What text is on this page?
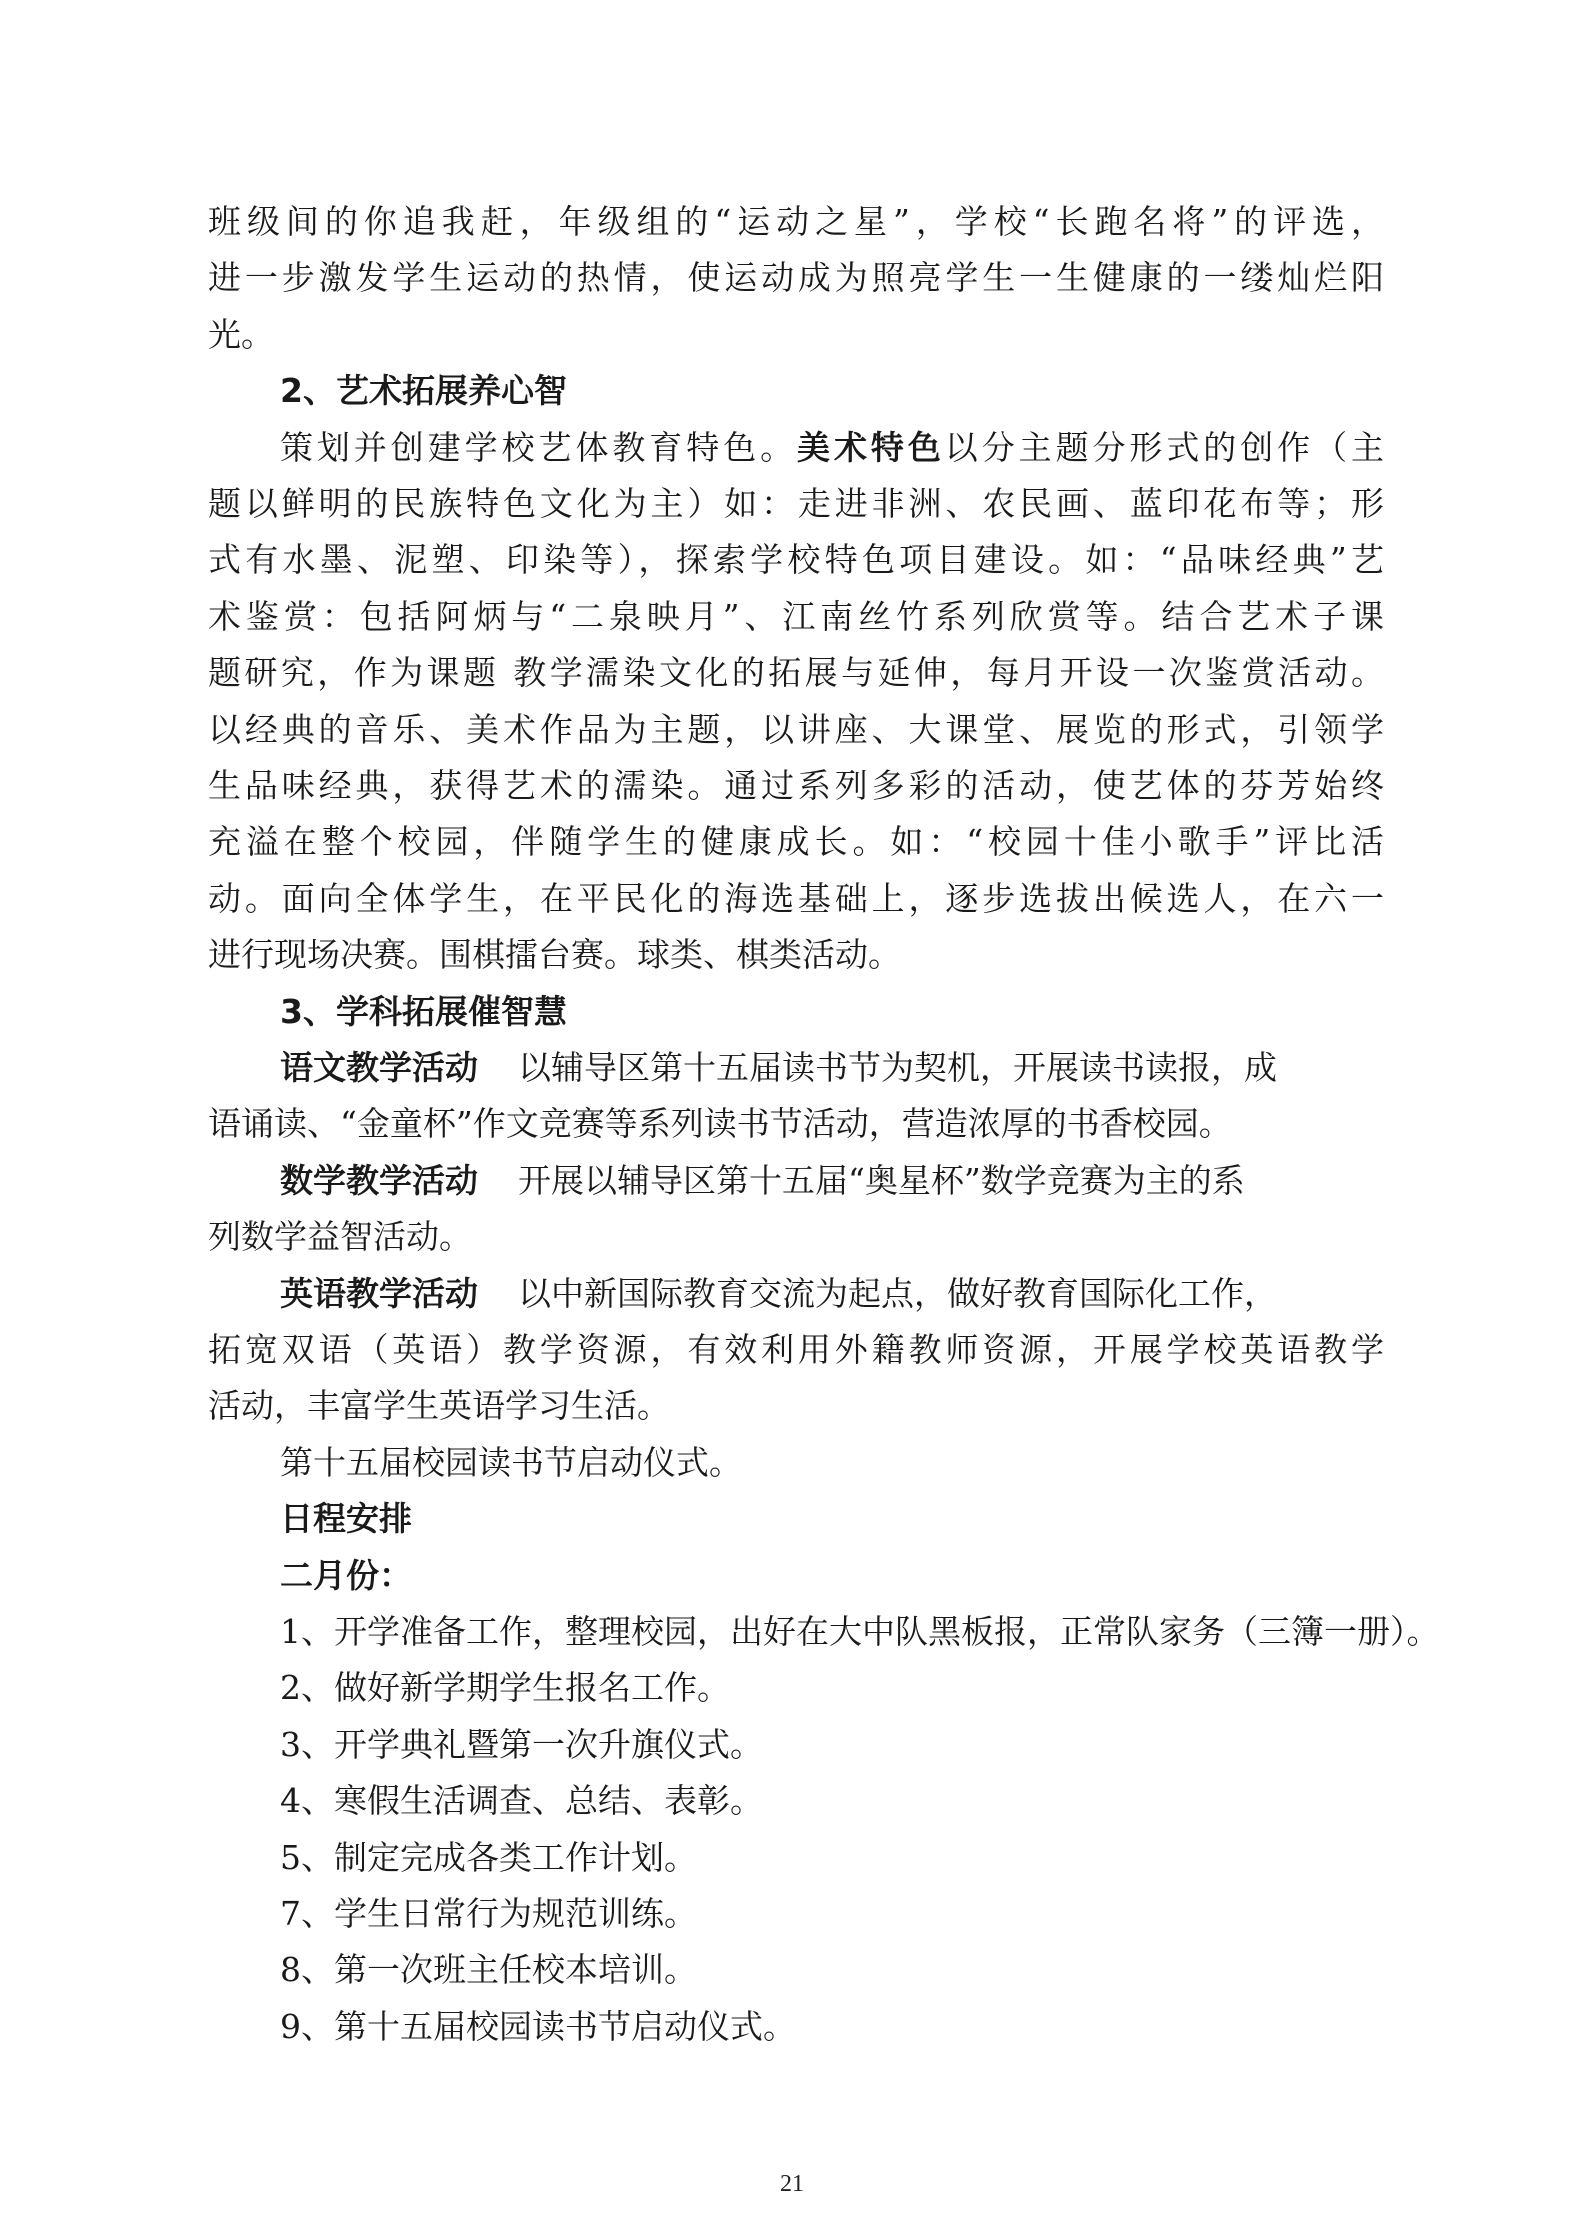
班级间的你追我赶，年级组的“运动之星”，学校“长跑名将”的评选，
进一步激发学生运动的热情，使运动成为照亮学生一生健康的一缕灿烂阳
光。
2、艺术拓展养心智
策划并创建学校艺体教育特色。美术特色以分主题分形式的创作（主
题以鲜明的民族特色文化为主）如：走进非洲、农民画、蓝印花布等；形
式有水墨、泥塑、印染等），探索学校特色项目建设。如：“品味经典”艺
术鉴赏：包括阿炳与“二泉映月”、江南丝竹系列欣赏等。结合艺术子课
题研究，作为课题 教学濡染文化的拓展与延伸，每月开设一次鉴赏活动。
以经典的音乐、美术作品为主题，以讲座、大课堂、展览的形式，引领学
生品味经典，获得艺术的濡染。通过系列多彩的活动，使艺体的芬芳始终
充溢在整个校园，伴随学生的健康成长。如：“校园十佳小歌手”评比活
动。面向全体学生，在平民化的海选基础上，逐步选拔出候选人，在六一
进行现场决赛。围棋擂台赛。球类、棋类活动。
3、学科拓展催智慧
语文教学活动 以辅导区第十五届读书节为契机，开展读书读报，成
语诵读、“金童杯”作文竞赛等系列读书节活动，营造浓厚的书香校园。
数学教学活动 开展以辅导区第十五届“奥星杯”数学竞赛为主的系
列数学益智活动。
英语教学活动 以中新国际教育交流为起点，做好教育国际化工作，
拓宽双语（英语）教学资源，有效利用外籍教师资源，开展学校英语教学
活动，丰富学生英语学习生活。
第十五届校园读书节启动仪式。
日程安排
二月份：
1、开学准备工作，整理校园，出好在大中队黑板报，正常队家务（三簿一册）。
2、做好新学期学生报名工作。
3、开学典礼暨第一次升旗仪式。
4、寒假生活调查、总结、表彰。
5、制定完成各类工作计划。
7、学生日常行为规范训练。
8、第一次班主任校本培训。
9、第十五届校园读书节启动仪式。
21
